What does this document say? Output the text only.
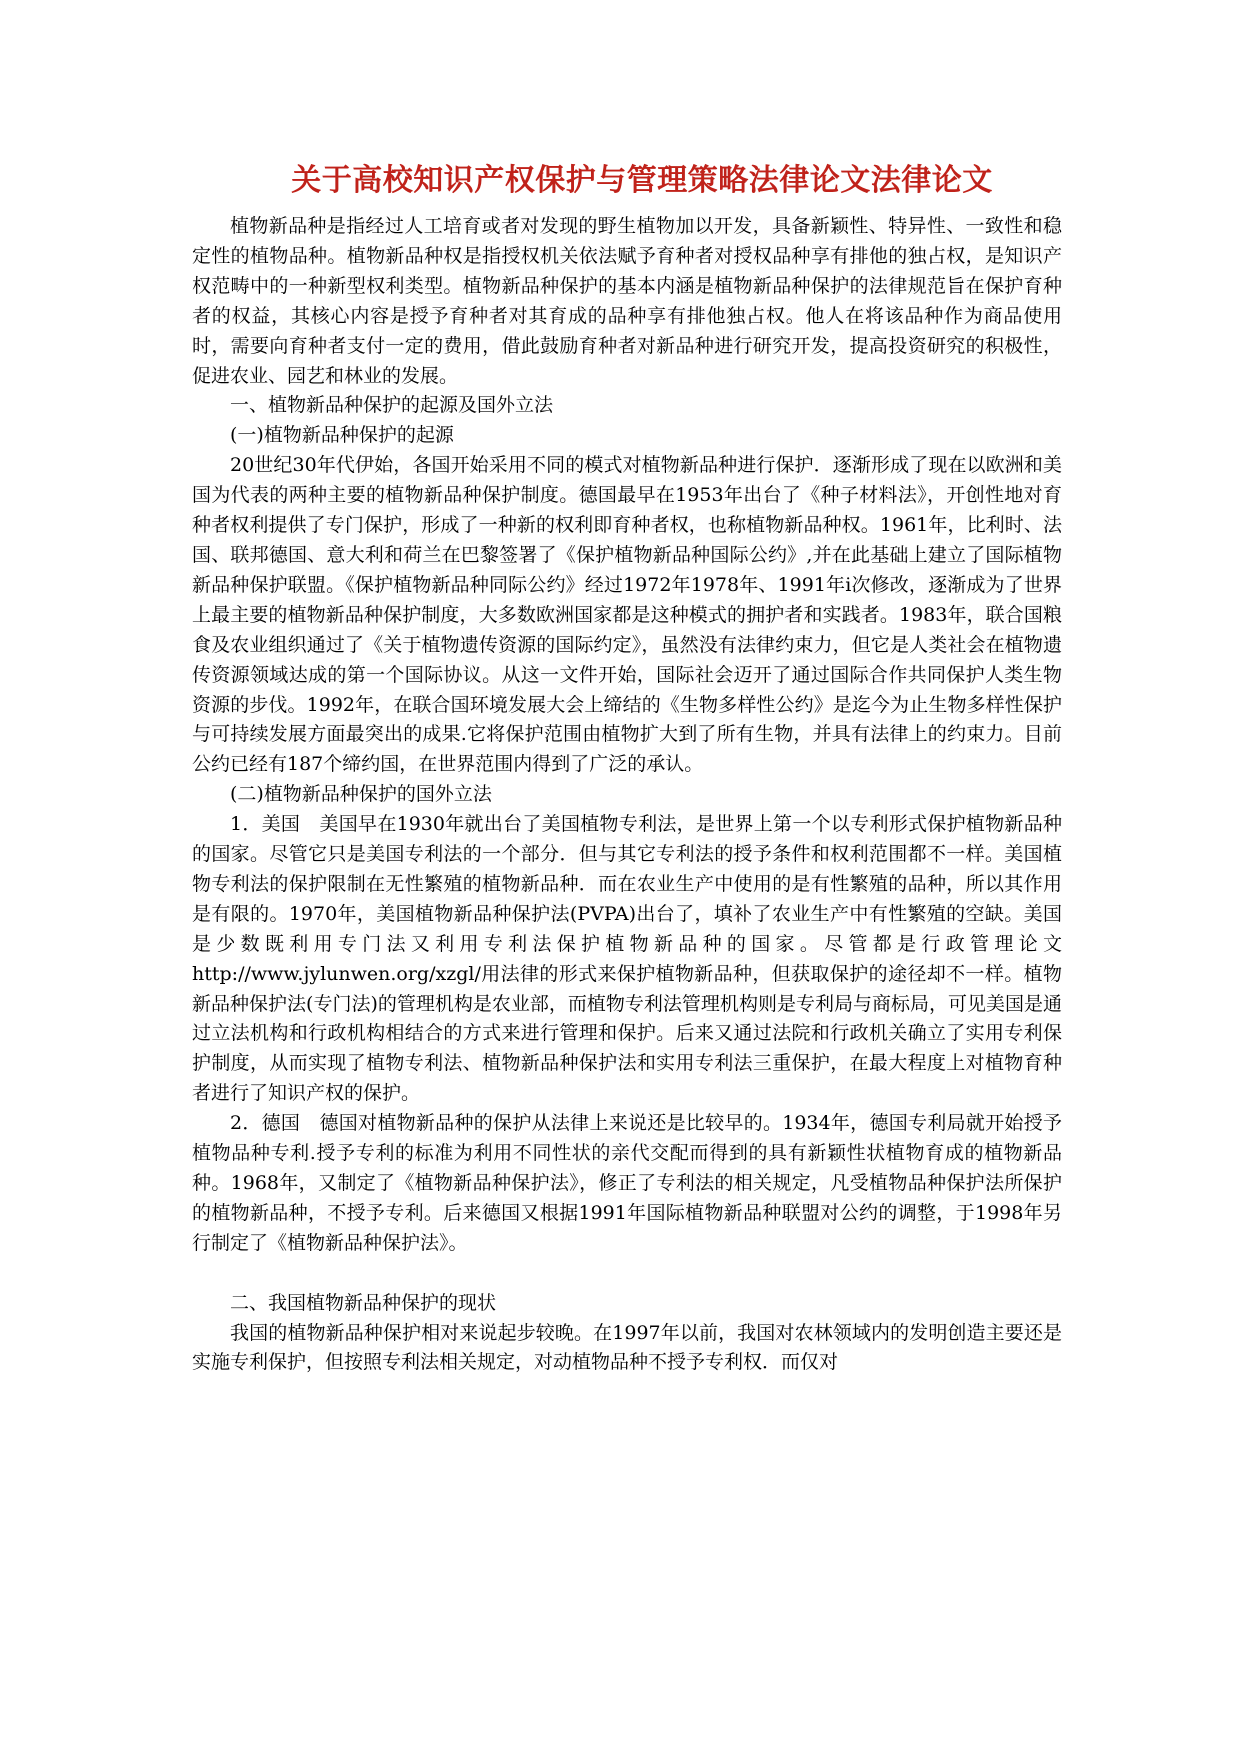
关于高校知识产权保护与管理策略法律论文法律论文

植物新品种是指经过人工培育或者对发现的野生植物加以开发，具备新颖性、特异性、一致性和稳定性的植物品种。植物新品种权是指授权机关依法赋予育种者对授权品种享有排他的独占权，是知识产权范畴中的一种新型权利类型。植物新品种保护的基本内涵是植物新品种保护的法律规范旨在保护育种者的权益，其核心内容是授予育种者对其育成的品种享有排他独占权。他人在将该品种作为商品使用时，需要向育种者支付一定的费用，借此鼓励育种者对新品种进行研究开发，提高投资研究的积极性，促进农业、园艺和林业的发展。

一、植物新品种保护的起源及国外立法

(一)植物新品种保护的起源

20世纪30年代伊始，各国开始采用不同的模式对植物新品种进行保护．逐渐形成了现在以欧洲和美国为代表的两种主要的植物新品种保护制度。德国最早在1953年出台了《种子材料法》，开创性地对育种者权利提供了专门保护，形成了一种新的权利即育种者权，也称植物新品种权。1961年，比利时、法国、联邦德国、意大利和荷兰在巴黎签署了《保护植物新品种国际公约》,并在此基础上建立了国际植物新品种保护联盟。《保护植物新品种同际公约》经过1972年1978年、1991年i次修改，逐渐成为了世界上最主要的植物新品种保护制度，大多数欧洲国家都是这种模式的拥护者和实践者。1983年，联合国粮食及农业组织通过了《关于植物遗传资源的国际约定》，虽然没有法律约束力，但它是人类社会在植物遗传资源领域达成的第一个国际协议。从这一文件开始，国际社会迈开了通过国际合作共同保护人类生物资源的步伐。1992年，在联合国环境发展大会上缔结的《生物多样性公约》是迄今为止生物多样性保护与可持续发展方面最突出的成果.它将保护范围由植物扩大到了所有生物，并具有法律上的约束力。目前公约已经有187个缔约国，在世界范围内得到了广泛的承认。

(二)植物新品种保护的国外立法

1．美国　美国早在1930年就出台了美国植物专利法，是世界上第一个以专利形式保护植物新品种的国家。尽管它只是美国专利法的一个部分．但与其它专利法的授予条件和权利范围都不一样。美国植物专利法的保护限制在无性繁殖的植物新品种．而在农业生产中使用的是有性繁殖的品种，所以其作用是有限的。1970年，美国植物新品种保护法(PVPA)出台了，填补了农业生产中有性繁殖的空缺。美国是少数既利用专门法又利用专利法保护植物新品种的国家。尽管都是行政管理论文http://www.jylunwen.org/xzgl/用法律的形式来保护植物新品种，但获取保护的途径却不一样。植物新品种保护法(专门法)的管理机构是农业部，而植物专利法管理机构则是专利局与商标局，可见美国是通过立法机构和行政机构相结合的方式来进行管理和保护。后来又通过法院和行政机关确立了实用专利保护制度，从而实现了植物专利法、植物新品种保护法和实用专利法三重保护，在最大程度上对植物育种者进行了知识产权的保护。

2．德国　德国对植物新品种的保护从法律上来说还是比较早的。1934年，德国专利局就开始授予植物品种专利.授予专利的标准为利用不同性状的亲代交配而得到的具有新颖性状植物育成的植物新品种。1968年，又制定了《植物新品种保护法》，修正了专利法的相关规定，凡受植物品种保护法所保护的植物新品种，不授予专利。后来德国又根据1991年国际植物新品种联盟对公约的调整，于1998年另行制定了《植物新品种保护法》。

二、我国植物新品种保护的现状

我国的植物新品种保护相对来说起步较晚。在1997年以前，我国对农林领域内的发明创造主要还是实施专利保护，但按照专利法相关规定，对动植物品种不授予专利权．而仅对
